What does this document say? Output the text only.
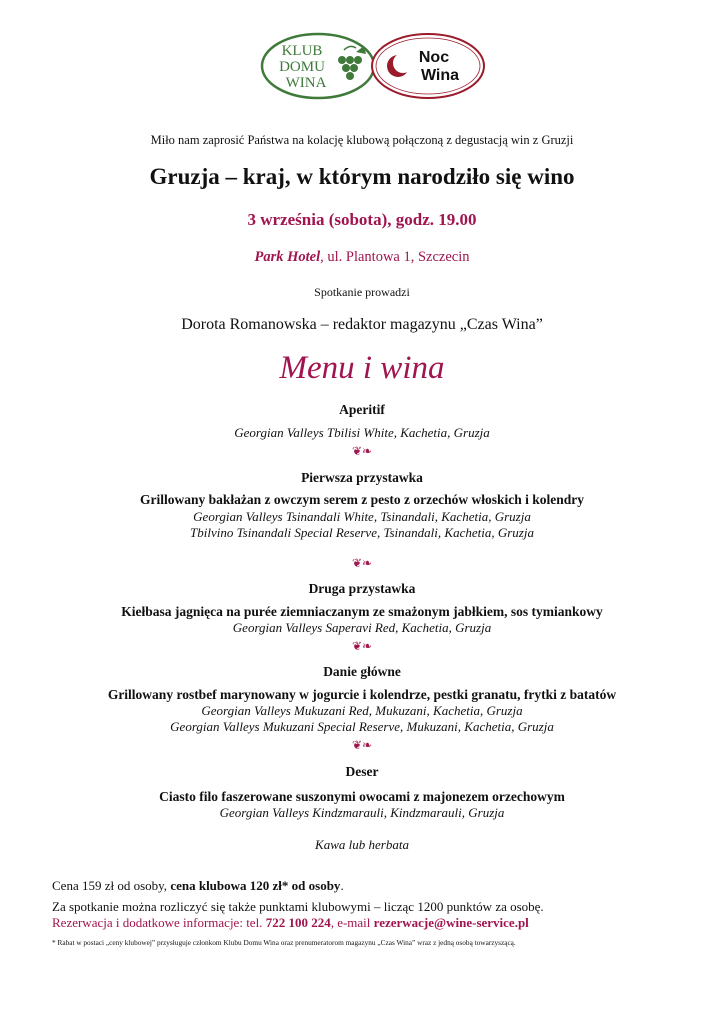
KLUB
DOMU
WINA
Noc
Wina
Miło nam zaprosić Państwa na kolację klubową połączoną z degustacją win z Gruzji
Gruzja – kraj, w którym narodziło się wino
3 września (sobota), godz. 19.00
Park Hotel, ul. Plantowa 1, Szczecin
Spotkanie prowadzi
Dorota Romanowska – redaktor magazynu „Czas Wina”
Menu i wina
Aperitif
Georgian Valleys Tbilisi White, Kachetia, Gruzja
❦❧
Pierwsza przystawka
Grillowany bakłażan z owczym serem z pesto z orzechów włoskich i kolendry
Georgian Valleys Tsinandali White, Tsinandali, Kachetia, Gruzja
Tbilvino Tsinandali Special Reserve, Tsinandali, Kachetia, Gruzja
❦❧
Druga przystawka
Kiełbasa jagnięca na purée ziemniaczanym ze smażonym jabłkiem, sos tymiankowy
Georgian Valleys Saperavi Red, Kachetia, Gruzja
❦❧
Danie główne
Grillowany rostbef marynowany w jogurcie i kolendrze, pestki granatu, frytki z batatów
Georgian Valleys Mukuzani Red, Mukuzani, Kachetia, Gruzja
Georgian Valleys Mukuzani Special Reserve, Mukuzani, Kachetia, Gruzja
❦❧
Deser
Ciasto filo faszerowane suszonymi owocami z majonezem orzechowym
Georgian Valleys Kindzmarauli, Kindzmarauli, Gruzja
Kawa lub herbata
Cena 159 zł od osoby, cena klubowa 120 zł* od osoby.
Za spotkanie można rozliczyć się także punktami klubowymi – licząc 1200 punktów za osobę.
Rezerwacja i dodatkowe informacje: tel. 722 100 224, e-mail rezerwacje@wine-service.pl
* Rabat w postaci „ceny klubowej” przysługuje członkom Klubu Domu Wina oraz prenumeratorom magazynu „Czas Wina” wraz z jedną osobą towarzyszącą.
